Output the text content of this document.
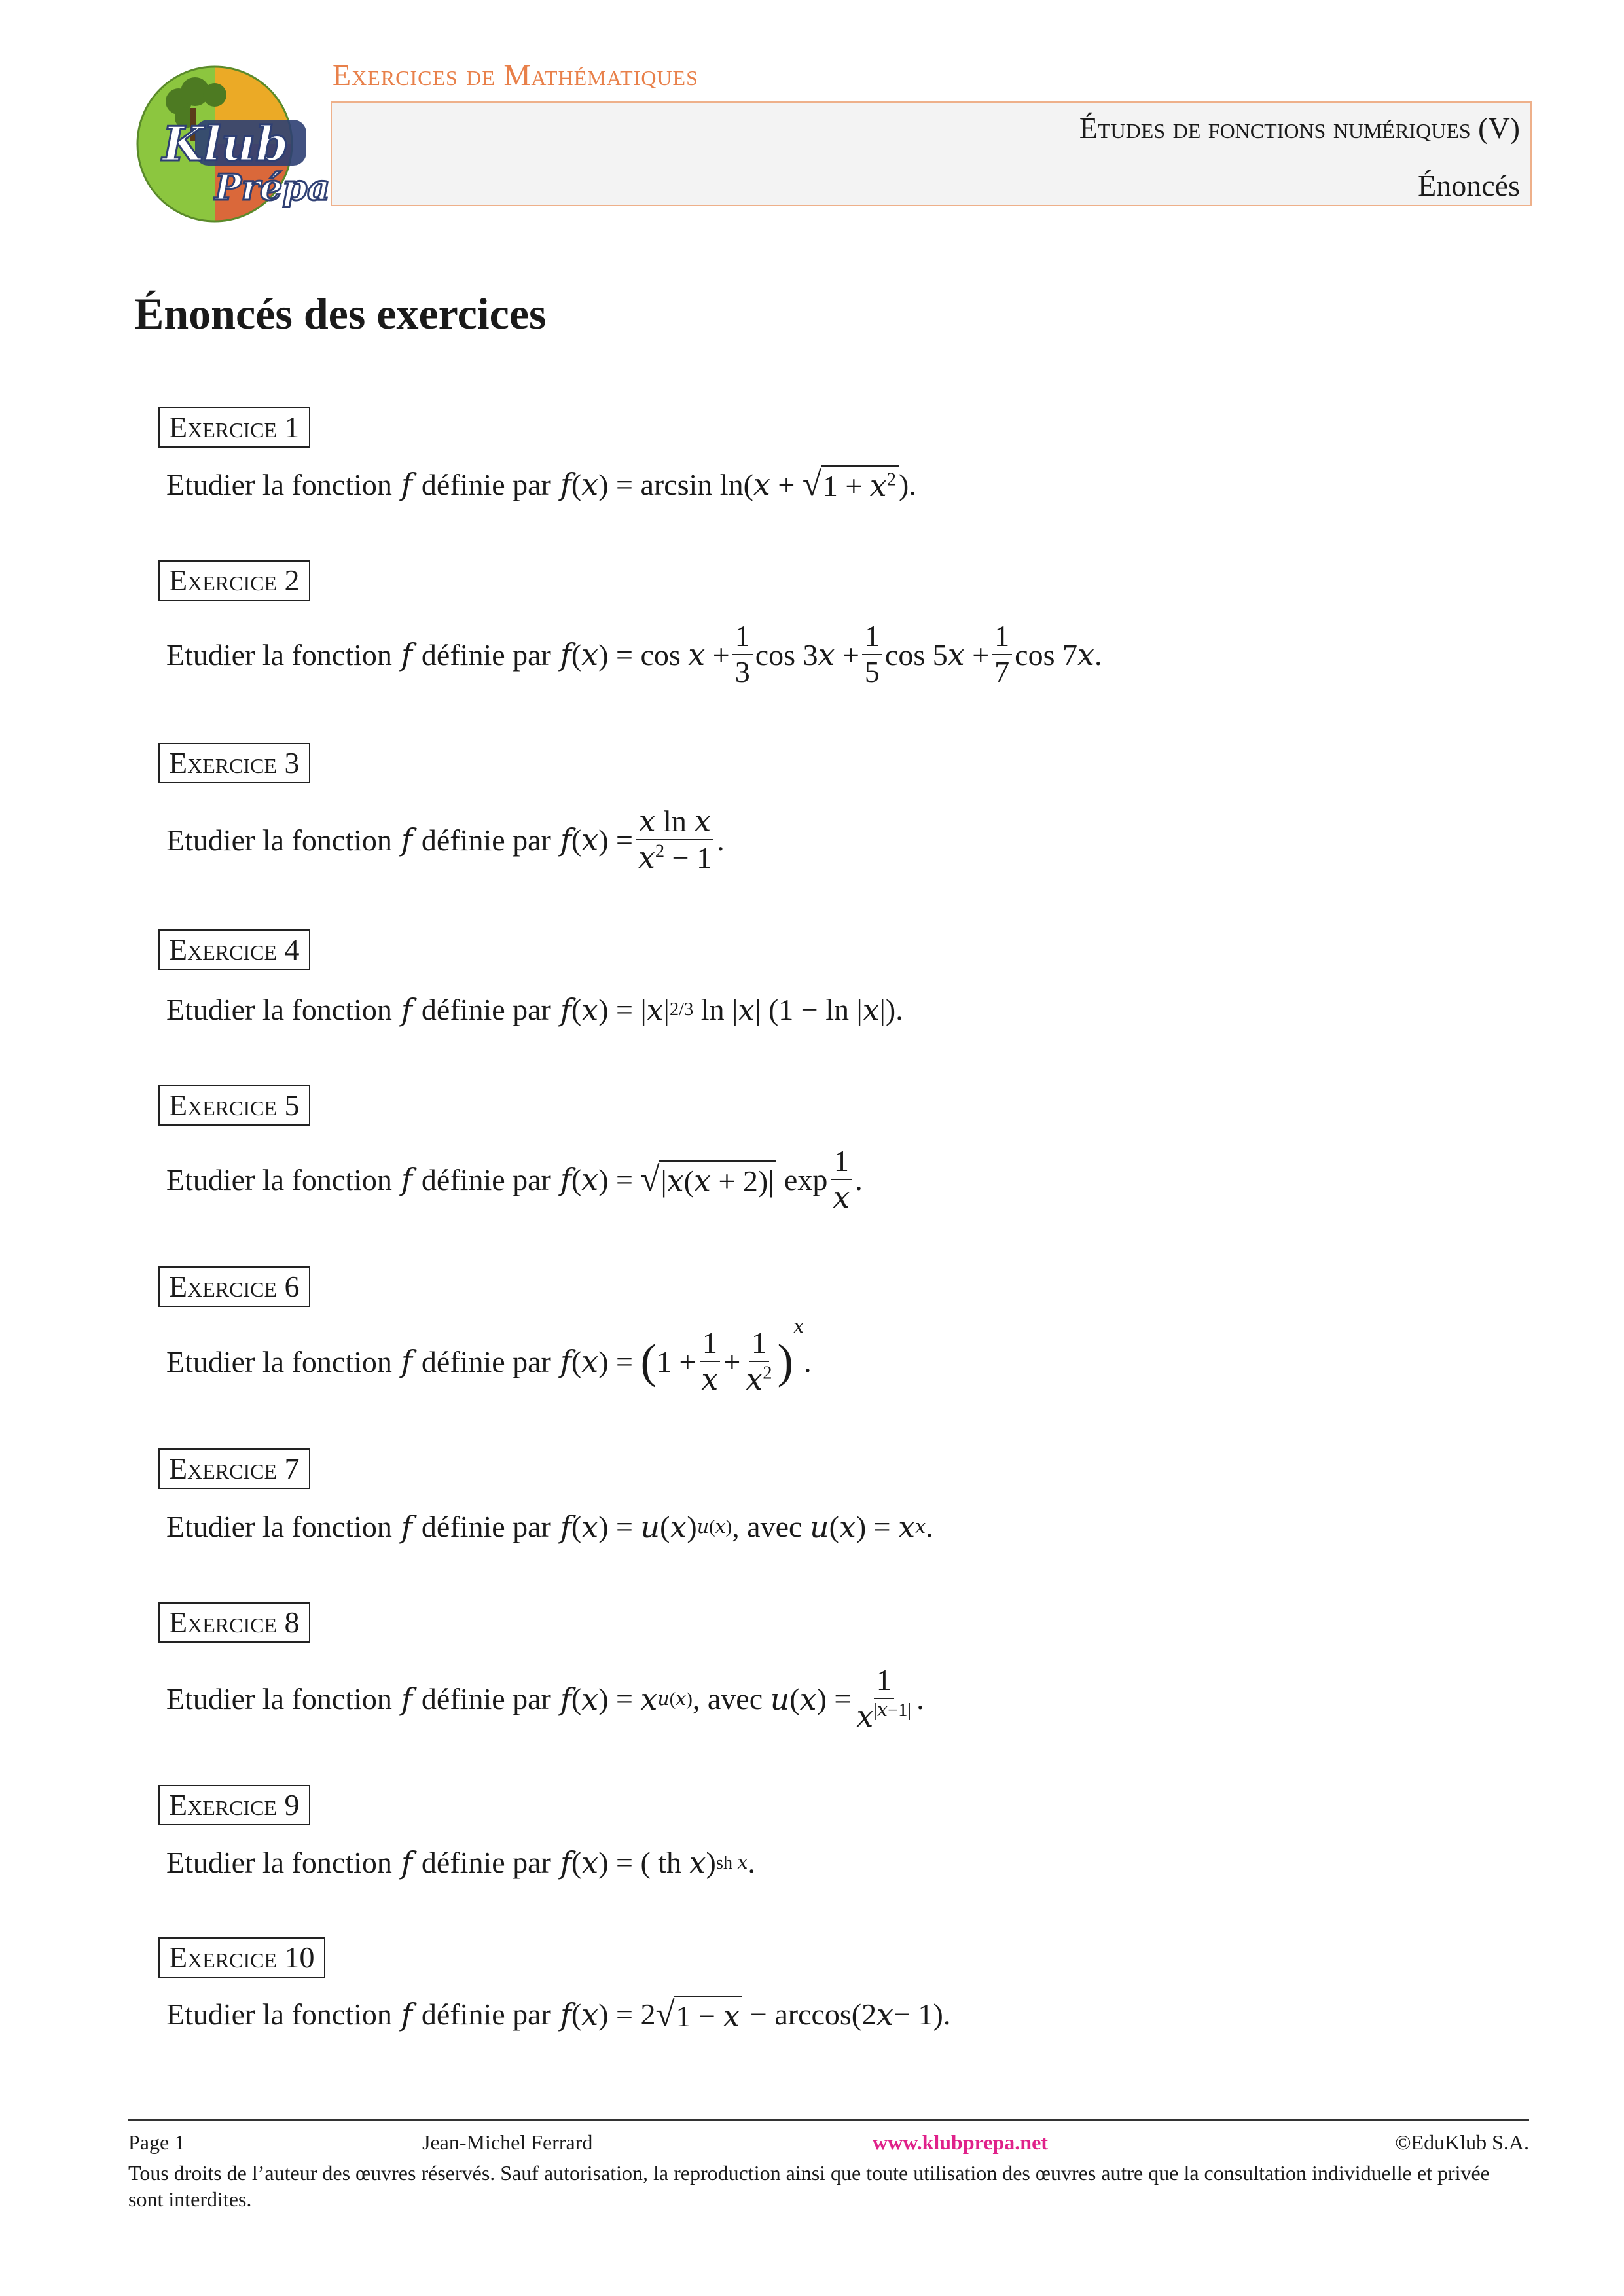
Klub
Prépa
Exercices de Mathématiques
Études de fonctions numériques (V)
Énoncés
Énoncés des exercices
Exercice 1
Etudier la fonction f définie par f ( x ) = arcsin
ln ( x + √ $1 + x^2$ ).
Exercice 2
Etudier la fonction f définie par f ( x ) = $\cos x + \frac{1}{3}$ cos 3 $x + \frac{1}{5}$ cos 5 $x + \frac{1}{7}$ cos 7 x .
Exercice 3
Etudier la fonction f définie par f ( x ) = $\frac{\text{x ln x}}{x^2 - 1}$ .
Exercice 4
Etudier la fonction f définie par f ( x ) = | x | 2/3 ln | x | (1 − ln | x |).
Exercice 5
Etudier la fonction f définie par f ( x ) = √ |x(x + 2)| $\exp \frac{1}{x}$ .
Exercice 6
Etudier la fonction f définie par f ( x ) = ( $1 + \frac{1}{x} + \frac{1}{x^2}$ )
x
.
Exercice 7
Etudier la fonction f définie par f ( x ) = u ( x ) u(x) , avec
u ( x ) = x x .
Exercice 8
Etudier la fonction f définie par f ( x ) = x u(x) , avec
u ( x ) = $\frac{1}{x^{|x-1|}}$ .
Exercice 9
Etudier la fonction f définie par f ( x ) = ( th x ) sh x .
Exercice 10
Etudier la fonction f définie par f ( x ) = 2 √ 1 − x − arccos(2 x − 1).
Page 1	Jean-Michel Ferrard	www.klubprepa.net	©EduKlub S.A.
Tous droits de l’auteur des œuvres réservés. Sauf autorisation, la reproduction ainsi que toute utilisation des œuvres autre que la consultation individuelle et privée sont interdites.
